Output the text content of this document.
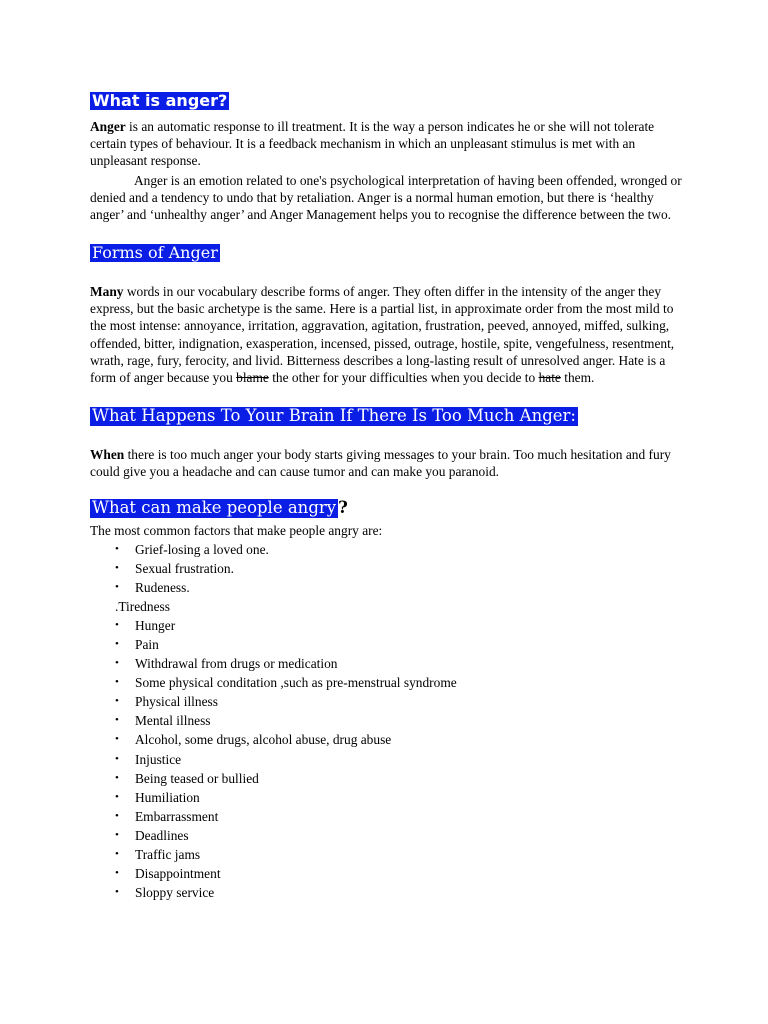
What is anger?
Anger is an automatic response to ill treatment. It is the way a person indicates he or she will not tolerate certain types of behaviour. It is a feedback mechanism in which an unpleasant stimulus is met with an unpleasant response.
Anger is an emotion related to one's psychological interpretation of having been offended, wronged or denied and a tendency to undo that by retaliation. Anger is a normal human emotion, but there is ‘healthy anger’ and ‘unhealthy anger’ and Anger Management helps you to recognise the difference between the two.
Forms of Anger
Many words in our vocabulary describe forms of anger. They often differ in the intensity of the anger they express, but the basic archetype is the same. Here is a partial list, in approximate order from the most mild to the most intense: annoyance, irritation, aggravation, agitation, frustration, peeved, annoyed, miffed, sulking, offended, bitter, indignation, exasperation, incensed, pissed, outrage, hostile, spite, vengefulness, resentment, wrath, rage, fury, ferocity, and livid. Bitterness describes a long-lasting result of unresolved anger. Hate is a form of anger because you blame the other for your difficulties when you decide to hate them.
What Happens To Your Brain If There Is Too Much Anger:
When there is too much anger your body starts giving messages to your brain. Too much hesitation and fury could give you a headache and can cause tumor and can make you paranoid.
What can make people angry ?
The most common factors that make people angry are:
• Grief-losing a loved one.
• Sexual frustration.
• Rudeness.
.Tiredness
• Hunger
• Pain
• Withdrawal from drugs or medication
• Some physical conditation ,such as pre-menstrual syndrome
• Physical illness
• Mental illness
• Alcohol, some drugs, alcohol abuse, drug abuse
• Injustice
• Being teased or bullied
• Humiliation
• Embarrassment
• Deadlines
• Traffic jams
• Disappointment
• Sloppy service
